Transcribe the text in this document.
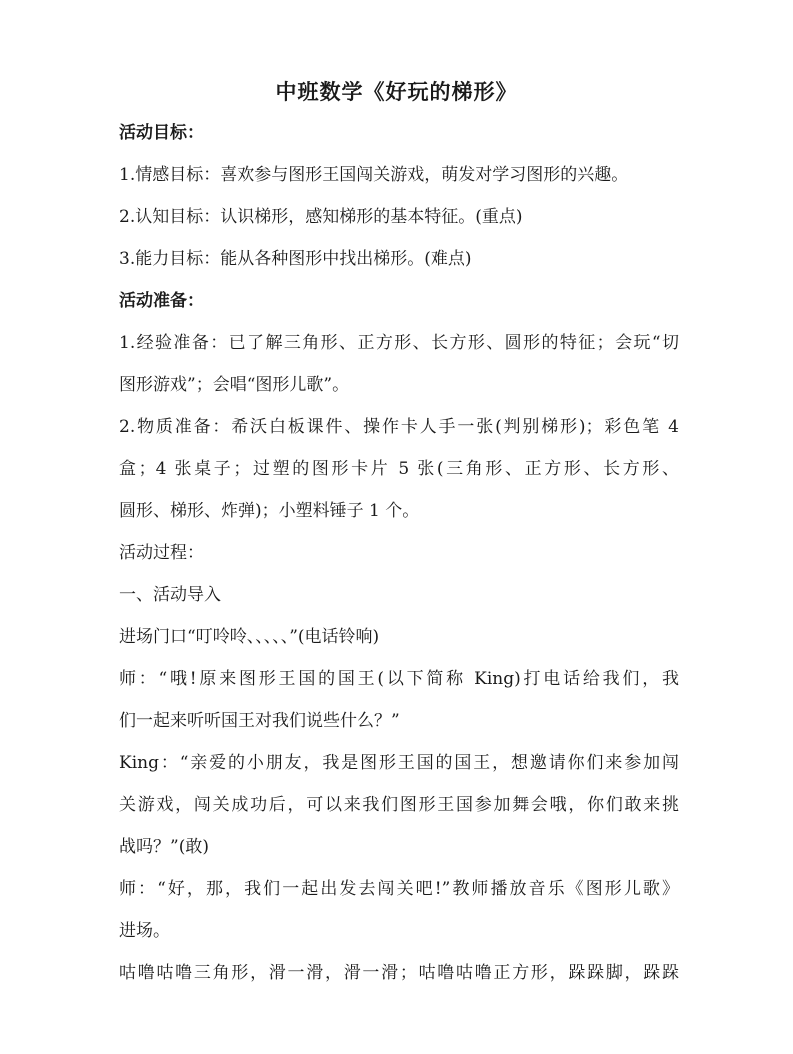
中班数学《好玩的梯形》
活动目标：
1.情感目标：喜欢参与图形王国闯关游戏，萌发对学习图形的兴趣。
2.认知目标：认识梯形，感知梯形的基本特征。(重点)
3.能力目标：能从各种图形中找出梯形。(难点)
活动准备：
1.经验准备：已了解三角形、正方形、长方形、圆形的特征；会玩“切
图形游戏”；会唱“图形儿歌”。
2.物质准备：希沃白板课件、操作卡人手一张(判别梯形)；彩色笔 4
盒；4 张桌子；过塑的图形卡片 5 张(三角形、正方形、长方形、
圆形、梯形、炸弹)；小塑料锤子 1 个。
活动过程：
一、活动导入
进场门口“叮呤呤、、、、、”(电话铃响)
师：“哦!原来图形王国的国王(以下简称 King)打电话给我们，我
们一起来听听国王对我们说些什么？”
King：“亲爱的小朋友，我是图形王国的国王，想邀请你们来参加闯
关游戏，闯关成功后，可以来我们图形王国参加舞会哦，你们敢来挑
战吗？”(敢)
师：“好，那，我们一起出发去闯关吧!”教师播放音乐《图形儿歌》
进场。
咕噜咕噜三角形，滑一滑，滑一滑；咕噜咕噜正方形，跺跺脚，跺跺
